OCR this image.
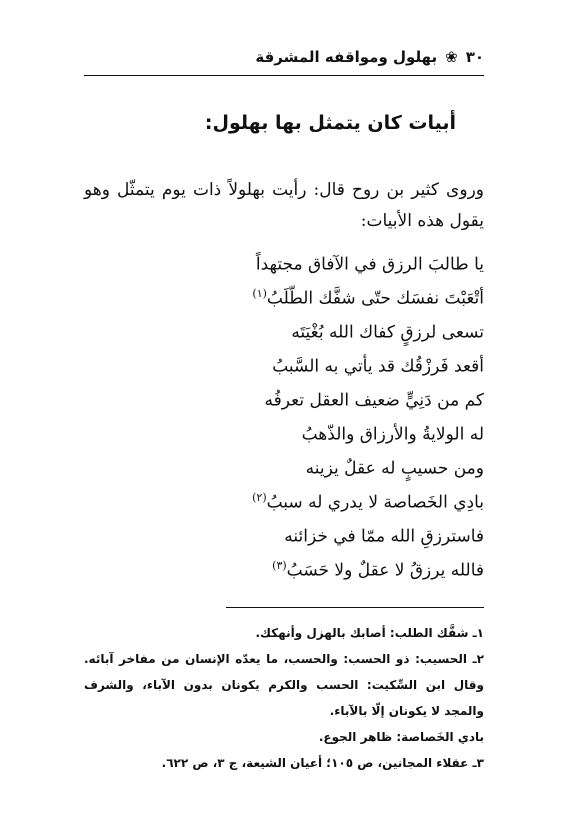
٣٠
❀
بهلول ومواقفه المشرقة
أبيات كان يتمثل بها بهلول:

وروى كثير بن روح قال: رأيت بهلولاً ذات يوم يتمثّل وهو يقول هذه الأبيات:

يا طالبَ الرزق في الآفاق مجتهداً
أتْعَبْتَ نفسَك حتّى شفَّك الطّلَبُ$^{(١)}$
تسعى لرزقٍ كفاك الله بُغْيَتَه
أقعد فَرزْقُك قد يأتي به السَّببُ
كم من دَنِيٍّ ضعيف العقل تعرفُه
له الولايةُ والأرزاق والذّهبُ
ومن حسيبٍ له عقلٌ يزينه
بادِي الخَصاصة لا يدري له سببُ$^{(٢)}$
فاسترزقِ الله ممّا في خزائنه
فالله يرزقُ لا عقلٌ ولا حَسَبُ$^{(٣)}$

١ـ شفَّك الطلب: أصابك بالهزل وأنهكك.

٢ـ الحسيب: ذو الحسب: والحسب، ما يعدّه الإنسان من مفاخر آبائه. وقال ابن السِّكيت: الحسب والكرم يكونان بدون الآباء، والشرف والمجد لا يكونان إلّا بالآباء.

بادي الخَصاصة: ظاهر الجوع.

٣ـ عقلاء المجانين، ص ١٠٥؛ أعيان الشيعة، ج ٣، ص ٦٢٢.
